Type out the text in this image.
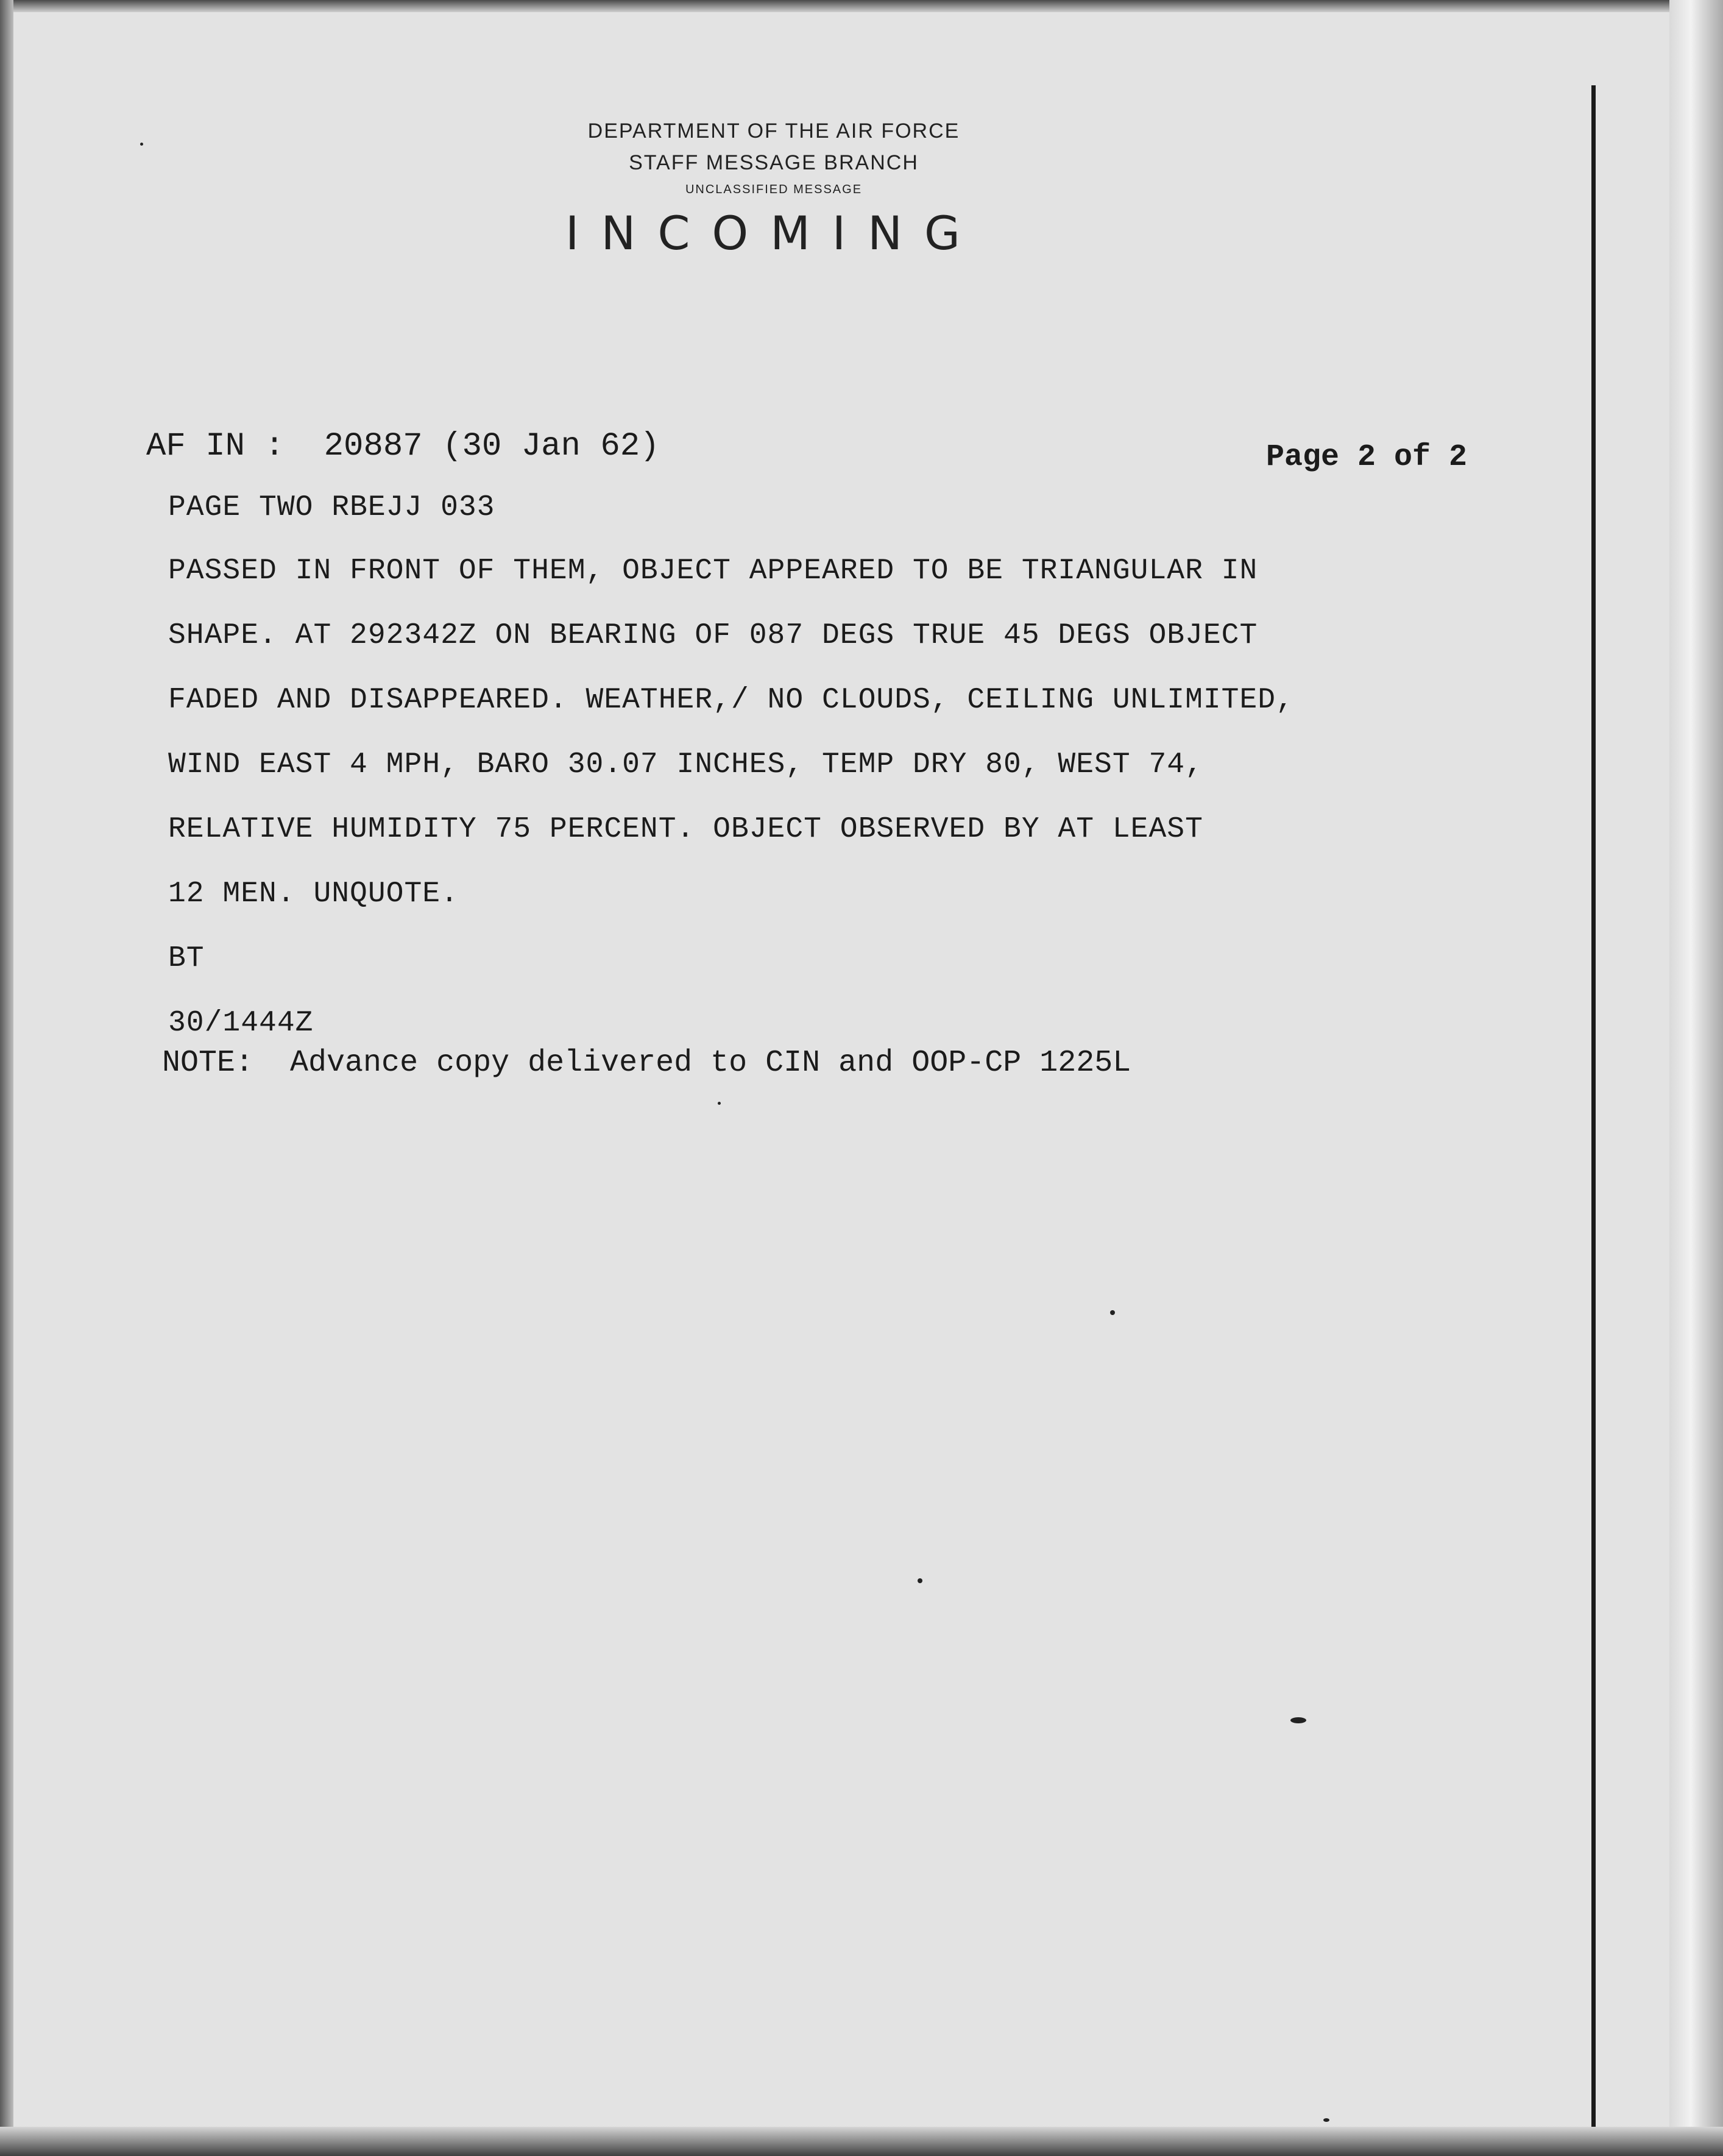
DEPARTMENT OF THE AIR FORCE
STAFF MESSAGE BRANCH
UNCLASSIFIED MESSAGE
INCOMING
AF IN :  20887 (30 Jan 62)	Page 2 of 2
PAGE TWO RBEJJ 033
PASSED IN FRONT OF THEM, OBJECT APPEARED TO BE TRIANGULAR IN
SHAPE. AT 292342Z ON BEARING OF 087 DEGS TRUE 45 DEGS OBJECT
FADED AND DISAPPEARED. WEATHER,/ NO CLOUDS, CEILING UNLIMITED,
WIND EAST 4 MPH, BARO 30.07 INCHES, TEMP DRY 80, WEST 74,
RELATIVE HUMIDITY 75 PERCENT. OBJECT OBSERVED BY AT LEAST
12 MEN. UNQUOTE.
BT
30/1444Z
NOTE:  Advance copy delivered to CIN and OOP-CP 1225L
